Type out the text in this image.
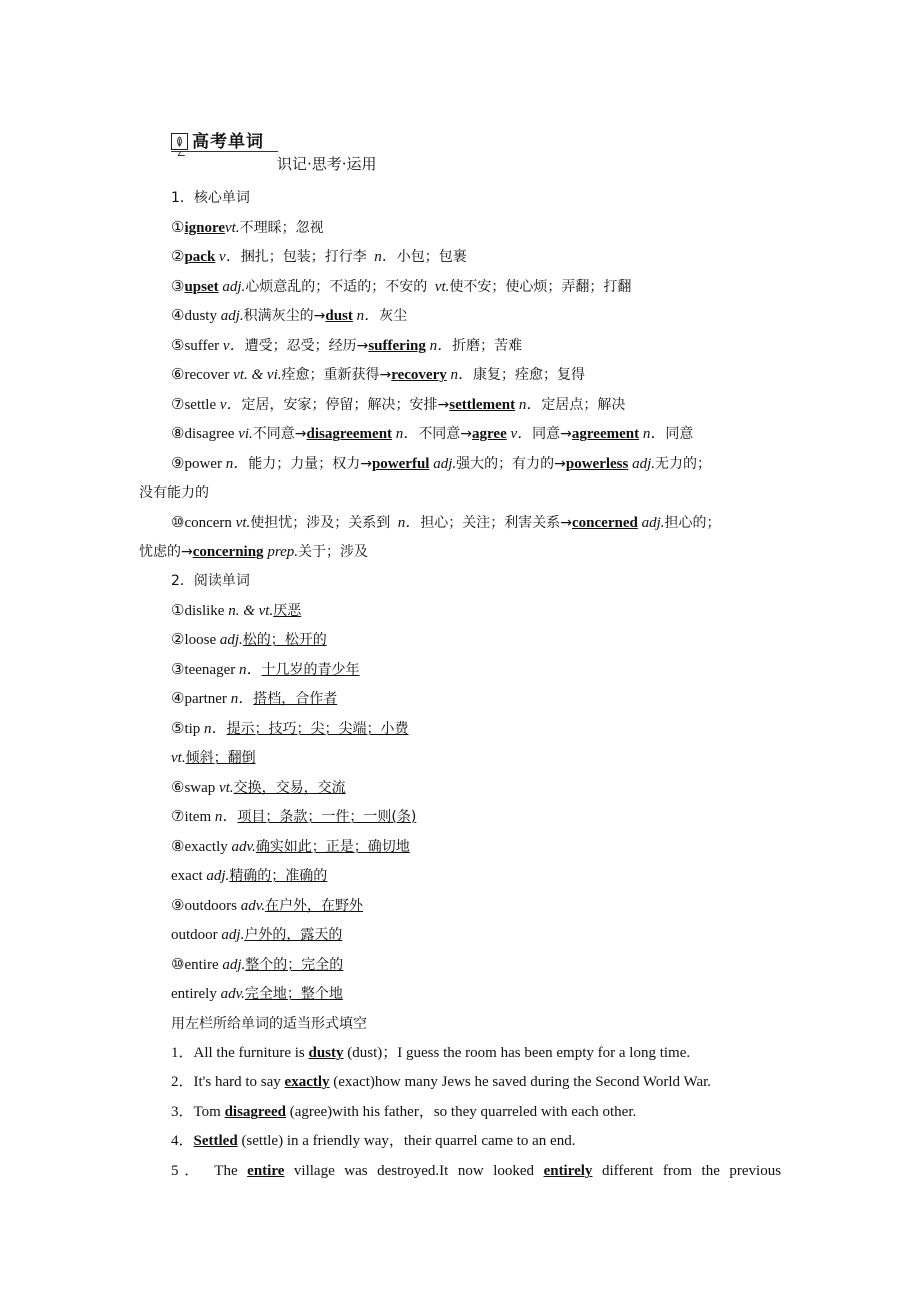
高考单词
识记·思考·运用
1．核心单词
①ignorevt.不理睬；忽视
②pack v．捆扎；包装；打行李 n．小包；包裹
③upset adj.心烦意乱的；不适的；不安的 vt.使不安；使心烦；弄翻；打翻
④dusty adj.积满灰尘的→dust n．灰尘
⑤suffer v．遭受；忍受；经历→suffering n．折磨；苦难
⑥recover vt. & vi.痊愈；重新获得→recovery n．康复；痊愈；复得
⑦settle v．定居，安家；停留；解决；安排→settlement n．定居点；解决
⑧disagree vi.不同意→disagreement n．不同意→agree v．同意→agreement n．同意
⑨power n．能力；力量；权力→powerful adj.强大的；有力的→powerless adj.无力的；
没有能力的
⑩concern vt.使担忧；涉及；关系到 n．担心；关注；利害关系→concerned adj.担心的；
忧虑的→concerning prep.关于；涉及
2．阅读单词
①dislike n. & vt.厌恶
②loose adj.松的；松开的
③teenager n．十几岁的青少年
④partner n．搭档，合作者
⑤tip n．提示；技巧；尖；尖端；小费
vt.倾斜；翻倒
⑥swap vt.交换，交易，交流
⑦item n．项目；条款；一件；一则(条)
⑧exactly adv.确实如此；正是；确切地
exact adj.精确的；准确的
⑨outdoors adv.在户外，在野外
outdoor adj.户外的，露天的
⑩entire adj.整个的；完全的
entirely adv.完全地；整个地
用左栏所给单词的适当形式填空
1．All the furniture is dusty (dust)；I guess the room has been empty for a long time.
2．It's hard to say exactly (exact)how many Jews he saved during the Second World War.
3．Tom disagreed (agree)with his father，so they quarreled with each other.
4．Settled (settle) in a friendly way，their quarrel came to an end.
5． The entire village was destroyed.It now looked entirely different from the previous
